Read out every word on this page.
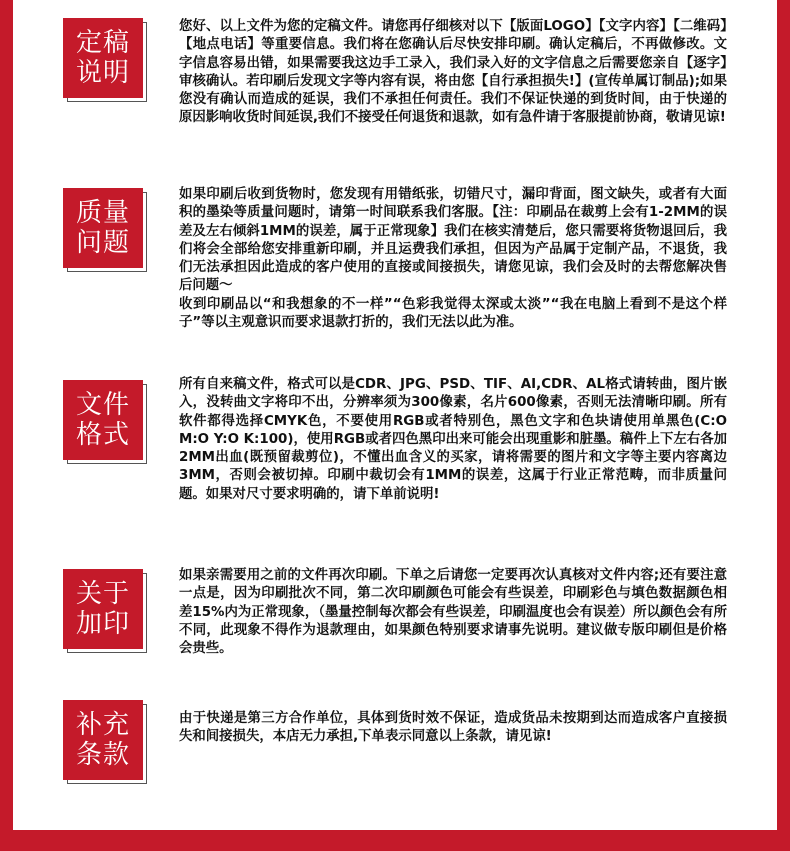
定稿
说明

您好、以上文件为您的定稿文件。请您再仔细核对以下【版面LOGO】【文字内容】【二维码】【地点电话】等重要信息。我们将在您确认后尽快安排印刷。确认定稿后，不再做修改。文字信息容易出错，如果需要我这边手工录入，我们录入好的文字信息之后需要您亲自【逐字】审核确认。若印刷后发现文字等内容有误，将由您【自行承担损失!】(宣传单属订制品);如果您没有确认而造成的延误，我们不承担任何责任。我们不保证快递的到货时间，由于快递的原因影响收货时间延误,我们不接受任何退货和退款，如有急件请于客服提前协商，敬请见谅!

质量
问题

如果印刷后收到货物时，您发现有用错纸张，切错尺寸，漏印背面，图文缺失，或者有大面积的墨染等质量问题时，请第一时间联系我们客服。【注：印刷品在裁剪上会有1-2MM的误差及左右倾斜1MM的误差，属于正常现象】我们在核实清楚后，您只需要将货物退回后，我们将会全部给您安排重新印刷，并且运费我们承担，但因为产品属于定制产品，不退货，我们无法承担因此造成的客户使用的直接或间接损失，请您见谅，我们会及时的去帮您解决售后问题～
收到印刷品以“和我想象的不一样”“色彩我觉得太深或太淡”“我在电脑上看到不是这个样子”等以主观意识而要求退款打折的，我们无法以此为准。

文件
格式

所有自来稿文件，格式可以是CDR、JPG、PSD、TIF、AI,CDR、AL格式请转曲，图片嵌入，没转曲文字将印不出，分辨率须为300像素，名片600像素，否则无法清晰印刷。所有软件都得选择CMYK色，不要使用RGB或者特别色，黑色文字和色块请使用单黑色(C:O M:O Y:O K:100)，使用RGB或者四色黑印出来可能会出现重影和脏墨。稿件上下左右各加2MM出血(既预留裁剪位)，不懂出血含义的买家，请将需要的图片和文字等主要内容离边3MM，否则会被切掉。印刷中裁切会有1MM的误差，这属于行业正常范畴，而非质量问题。如果对尺寸要求明确的，请下单前说明!

关于
加印

如果亲需要用之前的文件再次印刷。下单之后请您一定要再次认真核对文件内容;还有要注意一点是，因为印刷批次不同，第二次印刷颜色可能会有些误差，印刷彩色与填色数据颜色相差15%内为正常现象，（墨量控制每次都会有些误差，印刷温度也会有误差）所以颜色会有所不同，此现象不得作为退款理由，如果颜色特别要求请事先说明。建议做专版印刷但是价格会贵些。

补充
条款

由于快递是第三方合作单位，具体到货时效不保证，造成货品未按期到达而造成客户直接损失和间接损失，本店无力承担,下单表示同意以上条款，请见谅!
